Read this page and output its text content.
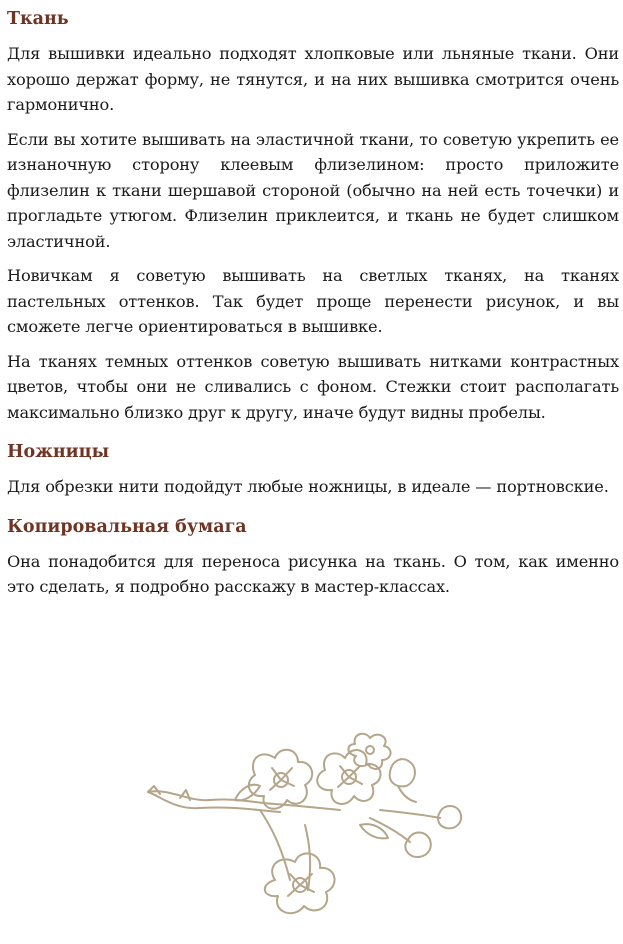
Ткань

Для вышивки идеально подходят хлопковые или льняные ткани. Они хорошо держат форму, не тянутся, и на них вышивка смотрится очень гармонично.

Если вы хотите вышивать на эластичной ткани, то советую укрепить ее изнаночную сторону клеевым флизелином: просто приложите флизелин к ткани шершавой стороной (обычно на ней есть точечки) и прогладьте утюгом. Флизелин приклеится, и ткань не будет слишком эластичной.

Новичкам я советую вышивать на светлых тканях, на тканях пастельных оттенков. Так будет проще перенести рисунок, и вы сможете легче ориентироваться в вышивке.

На тканях темных оттенков советую вышивать нитками контрастных цветов, чтобы они не сливались с фоном. Стежки стоит располагать максимально близко друг к другу, иначе будут видны пробелы.

Ножницы

Для обрезки нити подойдут любые ножницы, в идеале — портновские.

Копировальная бумага

Она понадобится для переноса рисунка на ткань. О том, как именно это сделать, я подробно расскажу в мастер-классах.
